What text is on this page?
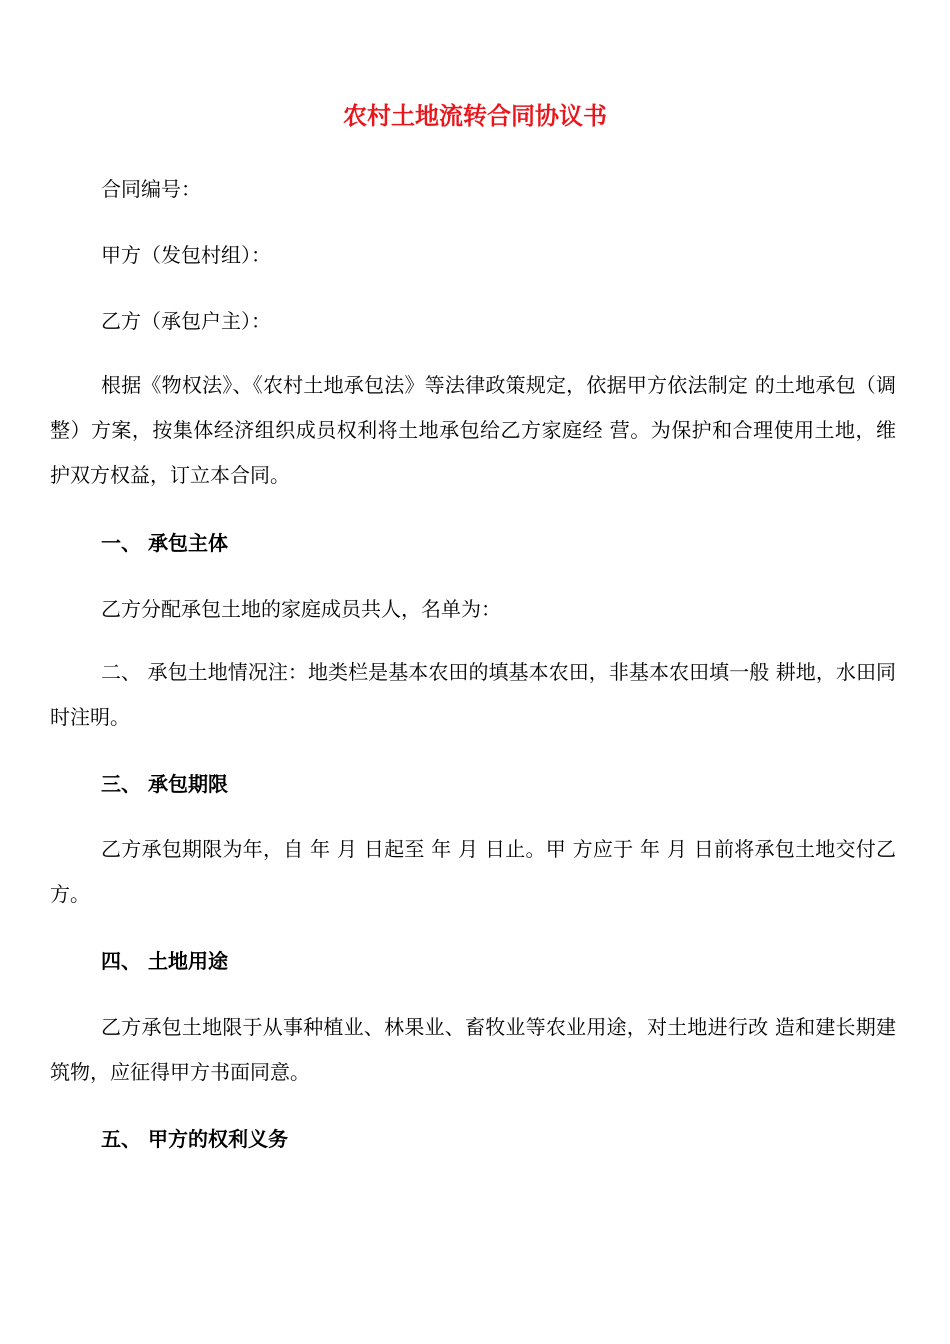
农村土地流转合同协议书

合同编号：

甲方（发包村组）：

乙方（承包户主）：

根据《物权法》、《农村土地承包法》等法律政策规定，依据甲方依法制定 的土地承包（调整）方案，按集体经济组织成员权利将土地承包给乙方家庭经 营。为保护和合理使用土地，维护双方权益，订立本合同。

一、 承包主体

乙方分配承包土地的家庭成员共人，名单为：

二、 承包土地情况注：地类栏是基本农田的填基本农田，非基本农田填一般 耕地，水田同时注明。

三、 承包期限

乙方承包期限为年，自 年 月 日起至 年 月 日止。甲 方应于 年 月 日前将承包土地交付乙方。

四、 土地用途

乙方承包土地限于从事种植业、林果业、畜牧业等农业用途，对土地进行改 造和建长期建筑物，应征得甲方书面同意。

五、 甲方的权利义务
